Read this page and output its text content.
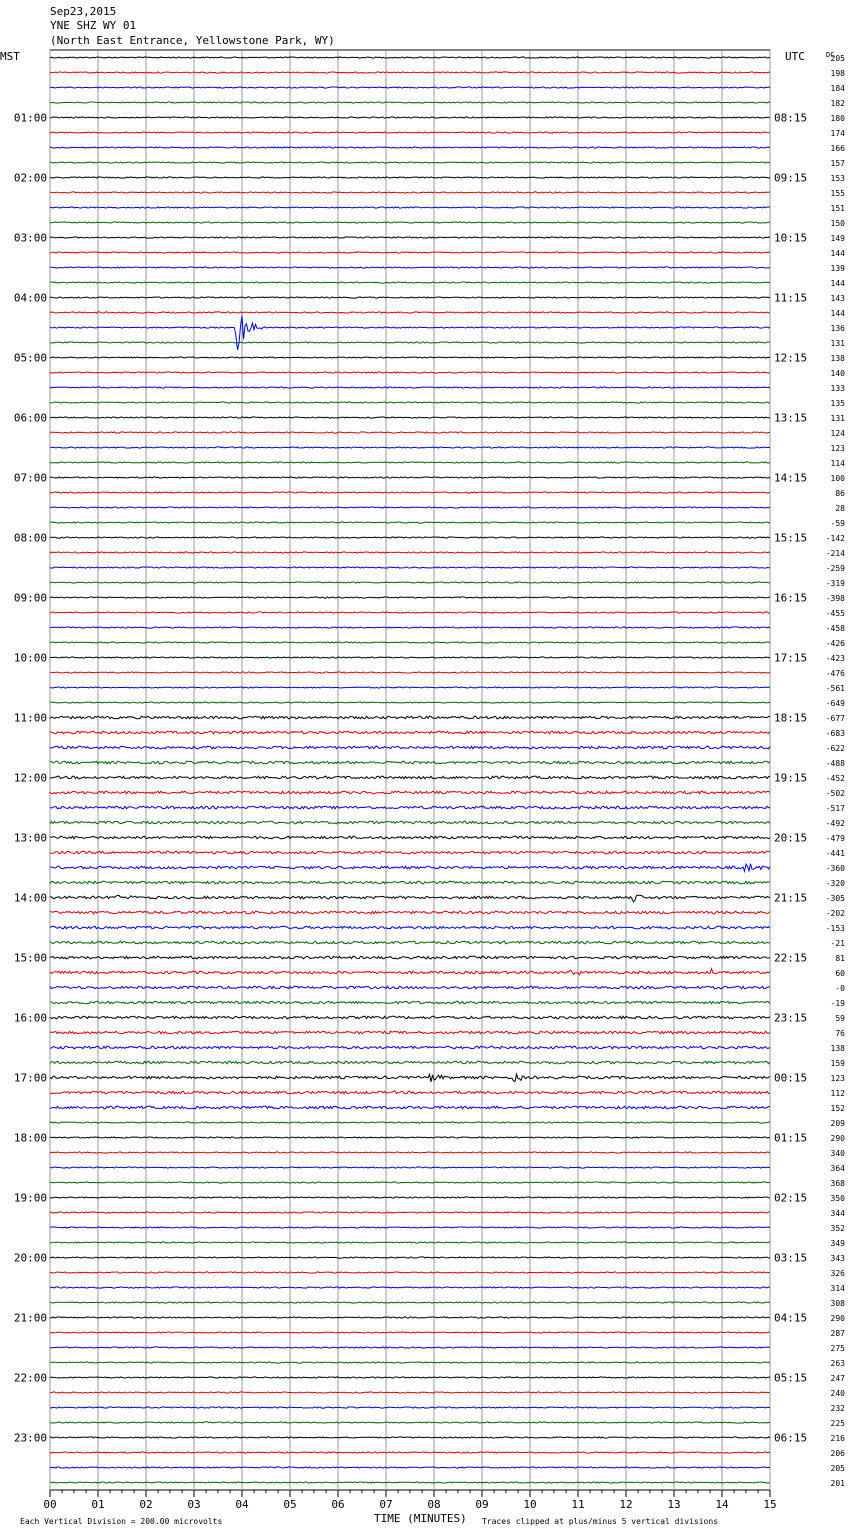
Sep23,2015
YNE SHZ WY 01
(North East Entrance, Yellowstone Park, WY)
00	01	02	03	04	05	06	07	08	09	10	11	12	13	14	15
205
198
184
182
180
174
166
157
153
155
151
150
149
144
139
144
143
144
136
131
138
140
133
135
131
124
123
114
100
86
28
-59
-142
-214
-259
-319
-398
-455
-458
-426
-423
-476
-561
-649
-677
-683
-622
-488
-452
-502
-517
-492
-479
-441
-360
-320
-305
-202
-153
-21
81
60
-0
-19
59
76
138
159
123
112
152
209
290
340
364
368
350
344
352
349
343
326
314
308
290
287
275
263
247
240
232
225
216
206
205
201
01:00
02:00
03:00
04:00
05:00
06:00
07:00
08:00
09:00
10:00
11:00
12:00
13:00
14:00
15:00
16:00
17:00
18:00
19:00
20:00
21:00
22:00
23:00
08:15
09:15
10:15
11:15
12:15
13:15
14:15
15:15
16:15
17:15
18:15
19:15
20:15
21:15
22:15
23:15
00:15
01:15
02:15
03:15
04:15
05:15
06:15
MST	UTC	DC
Each Vertical Division = 200.00 microvolts	TIME (MINUTES) Traces clipped at plus/minus 5 vertical divisions
